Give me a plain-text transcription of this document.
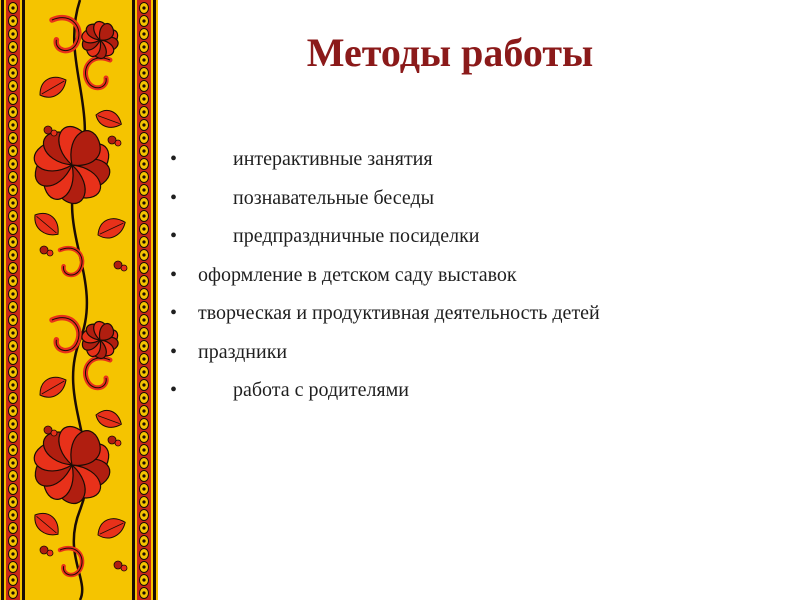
Методы работы
•	интерактивные занятия
•	познавательные беседы
•	предпраздничные посиделки
•	оформление в детском саду выставок
•	творческая и продуктивная деятельность детей
•	праздники
•	работа с родителями
